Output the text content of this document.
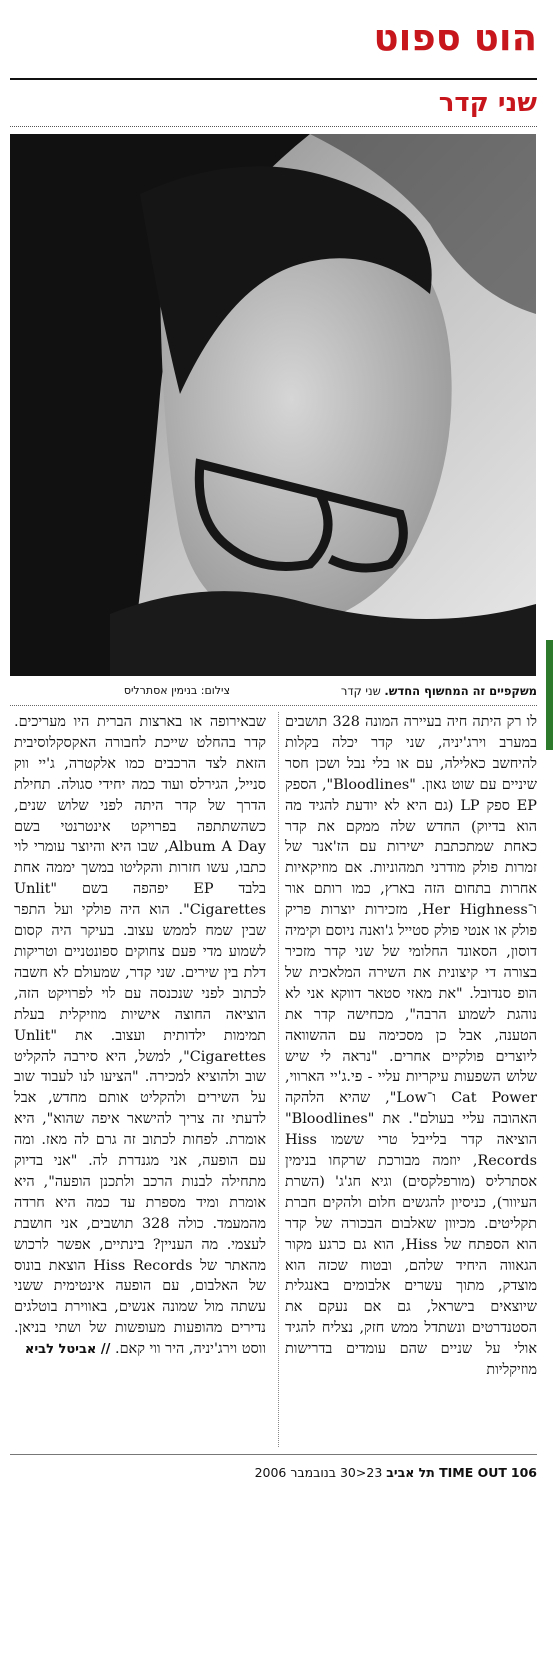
הוט ספוט
שני קדר

משקפיים זה המחשוף החדש. שני קדר

צילום: בנימין אסתרליס

לו רק היתה חיה בעיירה המונה 328 תושבים במערב וירג'יניה, שני קדר יכלה בקלות להיחשב כאלילה, עם או בלי נבל ושכן חסר שיניים עם שוט גאון. "Bloodlines", הספק EP ספק LP (גם היא לא יודעת להגיד מה הוא בדיוק) החדש שלה ממקם את קדר כאחת שמתכתבת ישירות עם הז'אנר של זמרות פולק מודרני תמהוניות. אם מוזיקאיות אחרות בתחום הזה בארץ, כמו רותם אור ו־Her Highness, מזכירות יוצרות פריק פולק או אנטי פולק סטייל ג'ואנה ניוסם וקימיה דוסון, הסאונד החלומי של שני קדר מזכיר בצורה די קיצונית את השירה המלאכית של הופ סנדובל. "את מאזי סטאר דווקא אני לא נוהגת לשמוע הרבה", מכחישה קדר את הטענה, אבל כן מסכימה עם ההשוואה ליוצרים פולקיים אחרים. "נראה לי שיש שלוש השפעות עיקריות עליי - פי.ג'יי הארווי, Cat Power ו־Low", שהיא הלהקה האהובה עליי בעולם". את "Bloodlines" הוציאה קדר בלייבל טרי ששמו Hiss Records, יוזמה מבורכת שרקחו בנימין אסתרליס (מורפלקסים) וגיא חג'ג' (השרת העיוור), כניסיון להגשים חלום ולהקים חברת תקליטים. מכיוון שאלבום הבכורה של קדר הוא הספתח של Hiss, הוא גם כרגע מקור הגאווה היחיד שלהם, ובטוח שכזה הוא מוצדק, מתוך עשרים אלבומים באנגלית שיוצאים בישראל, גם אם נעקם את הסטנדרטים ונשתדל ממש חזק, נצליח להגיד אולי על שניים שהם עומדים בדרישות מוזיקליות

שבאירופה או בארצות הברית היו מעריכים. קדר בהחלט שייכת לחבורה האקסקלוסיבית הזאת לצד הרכבים כמו אלקטרה, ג'יי ווק סנייל, הגירלס ועוד כמה יחידי סגולה. תחילת הדרך של קדר היתה לפני שלוש שנים, כשהשתתפה בפרויקט אינטרנטי בשם Album A Day, שבו היא והיוצר עומרי לוי כתבו, עשו חזרות והקליטו במשך יממה אחת בלבד EP יפהפה בשם "Unlit Cigarettes". הוא היה פולקי ועל התפר שבין שמח לממש עצוב. בעיקר היה קסום לשמוע מדי פעם צחוקים ספונטניים וטריקות דלת בין שירים. שני קדר, שמעולם לא חשבה לכתוב לפני שנכנסה עם לוי לפרויקט הזה, הוציאה החוצה אישיות מוזיקלית בעלת תמימות ילדותית ועצוב. את "Unlit Cigarettes", למשל, היא סירבה להקליט שוב ולהוציא למכירה. "הציעו לנו לעבוד שוב על השירים ולהקליט אותם מחדש, אבל לדעתי זה צריך להישאר איפה שהוא", היא אומרת. לפחות לכתוב זה גרם לה מאז. ומה עם הופעה, אני מגנדרת לה. "אני בדיוק מתחילה לבנות הרכב ולתכנן הופעה", היא אומרת ומיד מספרת עד כמה היא חרדה מהמעמד. כולה 328 תושבים, אני חושבת לעצמי. מה העניין? בינתיים, אפשר לרכוש מהאתר של Hiss Records הוצאת בונוס של האלבום, עם הופעה אינטימית ששני עשתה מול שמונה אנשים, באווירת בוטלגים נדירים מהופעות מעופשות של ושתי בניאן. ווסט וירג'יניה, היר ווי קאם. // אביטל לביא

106 TIME OUT תל אביב 23<30 בנובמבר 2006
